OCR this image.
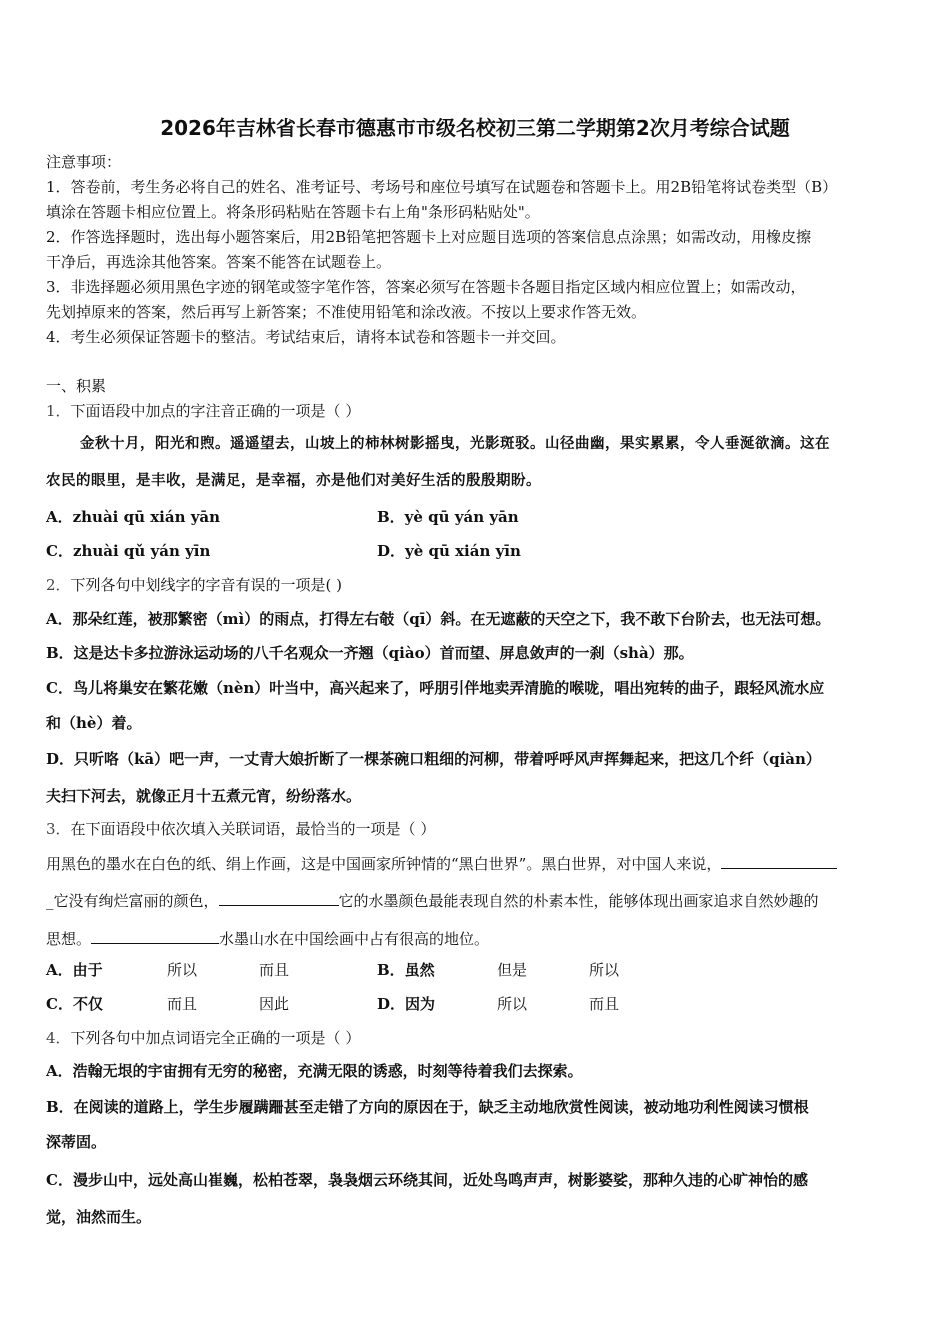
2026年吉林省长春市德惠市市级名校初三第二学期第2次月考综合试题
注意事项：
1．答卷前，考生务必将自己的姓名、准考证号、考场号和座位号填写在试题卷和答题卡上。用2B铅笔将试卷类型（B）
填涂在答题卡相应位置上。将条形码粘贴在答题卡右上角"条形码粘贴处"。
2．作答选择题时，选出每小题答案后，用2B铅笔把答题卡上对应题目选项的答案信息点涂黑；如需改动，用橡皮擦
干净后，再选涂其他答案。答案不能答在试题卷上。
3．非选择题必须用黑色字迹的钢笔或签字笔作答，答案必须写在答题卡各题目指定区域内相应位置上；如需改动，
先划掉原来的答案，然后再写上新答案；不准使用铅笔和涂改液。不按以上要求作答无效。
4．考生必须保证答题卡的整洁。考试结束后，请将本试卷和答题卡一并交回。
一、积累
1．下面语段中加点的字注音正确的一项是（ ）
金秋十月，阳光和煦。遥遥望去，山坡上的柿林树影摇曳，光影斑驳。山径曲幽，果实累累，令人垂涎欲滴。这在
农民的眼里，是丰收，是满足，是幸福，亦是他们对美好生活的殷殷期盼。
A．zhuài qū xián yān	B．yè qū yán yān
C．zhuài qǔ yán yīn	D．yè qū xián yīn
2．下列各句中划线字的字音有误的一项是( )
A．那朵红莲，被那繁密（mì）的雨点，打得左右攲（qī）斜。在无遮蔽的天空之下，我不敢下台阶去，也无法可想。
B．这是达卡多拉游泳运动场的八千名观众一齐翘（qiào）首而望、屏息敛声的一刹（shà）那。
C．鸟儿将巢安在繁花嫩（nèn）叶当中，高兴起来了，呼朋引伴地卖弄清脆的喉咙，唱出宛转的曲子，跟轻风流水应
和（hè）着。
D．只听咯（kā）吧一声，一丈青大娘折断了一棵茶碗口粗细的河柳，带着呼呼风声挥舞起来，把这几个纤（qiàn）
夫扫下河去，就像正月十五煮元宵，纷纷落水。
3．在下面语段中依次填入关联词语，最恰当的一项是（ ）
用黑色的墨水在白色的纸、绢上作画，这是中国画家所钟情的“黑白世界”。黑白世界，对中国人来说，
_它没有绚烂富丽的颜色，	它的水墨颜色最能表现自然的朴素本性，能够体现出画家追求自然妙趣的
思想。	水墨山水在中国绘画中占有很高的地位。
A．由于	所以	而且	B．虽然	但是	所以
C．不仅	而且	因此	D．因为	所以	而且
4．下列各句中加点词语完全正确的一项是（ ）
A．浩翰无垠的宇宙拥有无穷的秘密，充满无限的诱惑，时刻等待着我们去探索。
B．在阅读的道路上，学生步履蹒跚甚至走错了方向的原因在于，缺乏主动地欣赏性阅读，被动地功利性阅读习惯根
深蒂固。
C．漫步山中，远处高山崔巍，松柏苍翠，袅袅烟云环绕其间，近处鸟鸣声声，树影婆娑，那种久违的心旷神怡的感
觉，油然而生。
